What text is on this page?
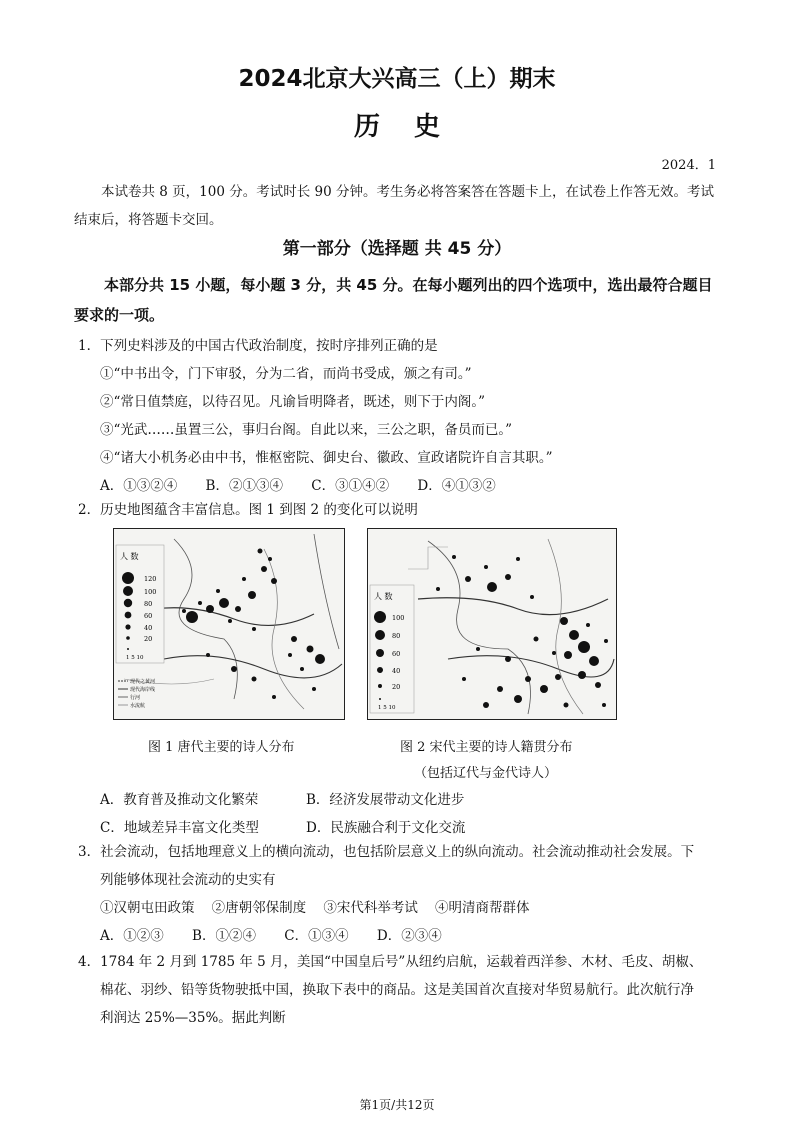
2024北京大兴高三（上）期末
历史
2024．1
本试卷共 8 页，100 分。考试时长 90 分钟。考生务必将答案答在答题卡上，在试卷上作答无效。考试结束后，将答题卡交回。
第一部分（选择题 共 45 分）
本部分共 15 小题，每小题 3 分，共 45 分。在每小题列出的四个选项中，选出最符合题目要求的一项。
1．下列史料涉及的中国古代政治制度，按时序排列正确的是
①“中书出令，门下审驳，分为二省，而尚书受成，颁之有司。”
②“常日值禁庭，以待召见。凡谕旨明降者，既述，则下于内阁。”
③“光武……虽置三公，事归台阁。自此以来，三公之职，备员而已。”
④“诸大小机务必由中书，惟枢密院、御史台、徽政、宣政诸院许自言其职。”
A．①③②④ B．②①③④ C．③①④② D．④①③②
2．历史地图蕴含丰富信息。图 1 到图 2 的变化可以说明
人 数
120
100
80
60
40
20
1 5 10
现代之黄河
现代海岸线
行河
水流航
人 数
100
80
60
40
20
1 5 10
图 1 唐代主要的诗人分布	图 2 宋代主要的诗人籍贯分布
（包括辽代与金代诗人）
A．教育普及推动文化繁荣	B．经济发展带动文化进步
C．地域差异丰富文化类型	D．民族融合利于文化交流
3．社会流动，包括地理意义上的横向流动，也包括阶层意义上的纵向流动。社会流动推动社会发展。下
列能够体现社会流动的史实有
①汉朝屯田政策    ②唐朝邻保制度    ③宋代科举考试    ④明清商帮群体
A．①②③ B．①②④ C．①③④ D．②③④
4．1784 年 2 月到 1785 年 5 月，美国“中国皇后号”从纽约启航，运载着西洋参、木材、毛皮、胡椒、
棉花、羽纱、铅等货物驶抵中国，换取下表中的商品。这是美国首次直接对华贸易航行。此次航行净
利润达 25%—35%。据此判断
第1页/共12页
